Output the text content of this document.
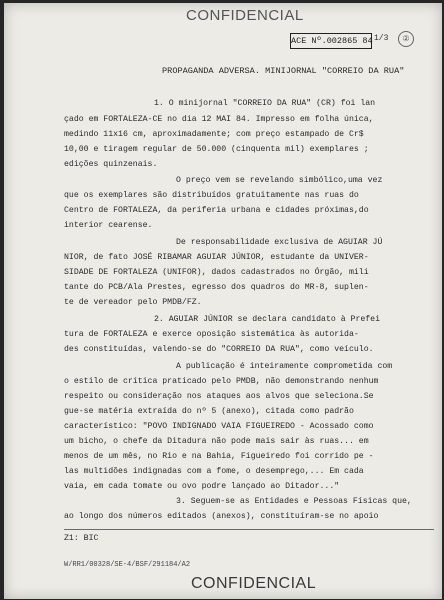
CONFIDENCIAL
ACE Nº.002865 84 1/3	②
PROPAGANDA ADVERSA. MINIJORNAL "CORREIO DA RUA"
1. O minijornal "CORREIO DA RUA" (CR) foi lan
çado em FORTALEZA-CE no dia 12 MAI 84. Impresso em folha única,
medindo 11x16 cm, aproximadamente; com preço estampado de Cr$
10,00 e tiragem regular de 50.000 (cinquenta mil) exemplares ;
edições quinzenais.
O preço vem se revelando simbólico,uma vez
que os exemplares são distribuídos gratuitamente nas ruas do
Centro de FORTALEZA, da periferia urbana e cidades próximas,do
interior cearense.
De responsabilidade exclusiva de AGUIAR JÚ
NIOR, de fato JOSÉ RIBAMAR AGUIAR JÚNIOR, estudante da UNIVER-
SIDADE DE FORTALEZA (UNIFOR), dados cadastrados no Órgão, mili
tante do PCB/Ala Prestes, egresso dos quadros do MR-8, suplen-
te de vereador pelo PMDB/FZ.
2. AGUIAR JÚNIOR se declara candidato à Prefei
tura de FORTALEZA e exerce oposição sistemática às autorida-
des constituídas, valendo-se do "CORREIO DA RUA", como veículo.
A publicação é inteiramente comprometida com
o estilo de crítica praticado pelo PMDB, não demonstrando nenhum
respeito ou consideração nos ataques aos alvos que seleciona.Se
gue-se matéria extraída do nº 5 (anexo), citada como padrão
característico: "POVO INDIGNADO VAIA FIGUEIREDO - Acossado como
um bicho, o chefe da Ditadura não pode mais sair às ruas... em
menos de um mês, no Rio e na Bahia, Figueiredo foi corrido pe -
las multidões indignadas com a fome, o desemprego,... Em cada
vaia, em cada tomate ou ovo podre lançado ao Ditador..."
3. Seguem-se as Entidades e Pessoas Físicas que,
ao longo dos números editados (anexos), constituíram-se no apoio
Z1: BIC
W/RR1/00328/SE-4/BSF/291184/A2
CONFIDENCIAL
